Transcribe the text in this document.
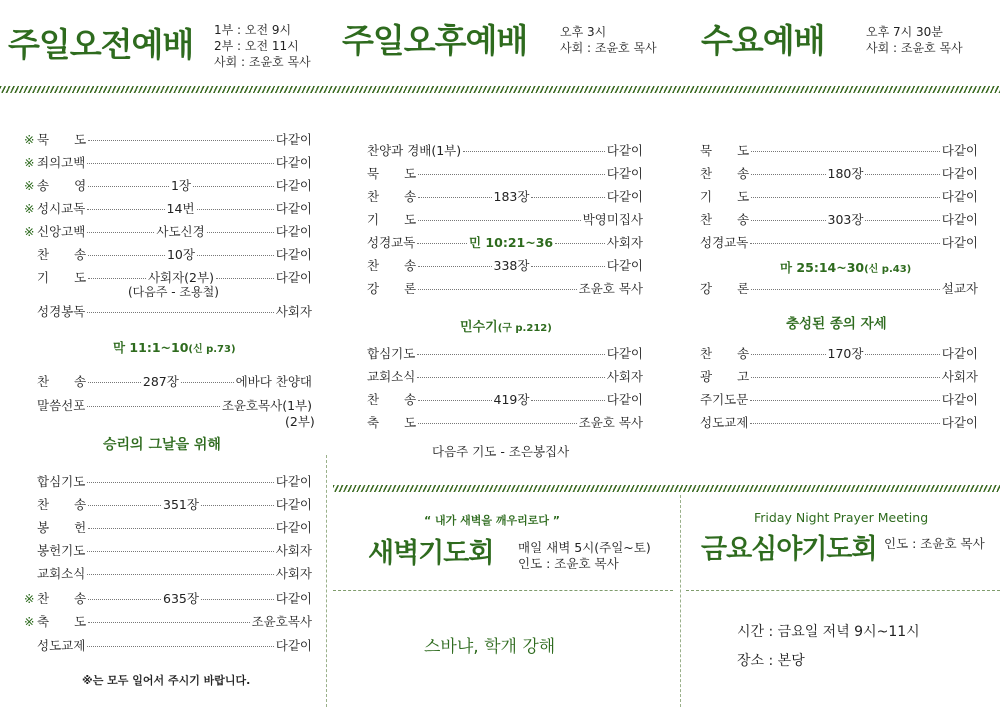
주일오전예배 1부 : 오전 9시
2부 : 오전 11시
사회 : 조윤호 목사
주일오후예배	오후 3시
사회 : 조윤호 목사 수요예배	오후 7시 30분
사회 : 조윤호 목사
※ 묵　　도	다같이
※ 죄의고백	다같이
※ 송　　영	1장	다같이
※ 성시교독	14번	다같이
※ 신앙고백	사도신경	다같이
찬　　송	10장	다같이
기　　도	사회자(2부)	다같이
(다음주 - 조용철)
성경봉독	사회자
막 11:1~10(신 p.73)
찬　　송	287장	에바다 찬양대
말씀선포	조윤호목사(1부)
(2부)
승리의 그날을 위해
합심기도	다같이
찬　　송	351장	다같이
봉　　헌	다같이
봉헌기도	사회자
교회소식	사회자
※ 찬　　송	635장	다같이
※ 축　　도	조윤호목사
성도교제	다같이
※는 모두 일어서 주시기 바랍니다.
찬양과 경배(1부)	다같이
묵　　도	다같이
찬　　송	183장	다같이
기　　도	박영미집사
성경교독	민 10:21~36	사회자
찬　　송	338장	다같이
강　　론	조윤호 목사
민수기(구 p.212)
합심기도	다같이
교회소식	사회자
찬　　송	419장	다같이
축　　도	조윤호 목사
다음주 기도 - 조은봉집사
묵　　도	다같이
찬　　송	180장	다같이
기　　도	다같이
찬　　송	303장	다같이
성경교독	다같이
마 25:14~30(신 p.43)
강　　론	설교자
충성된 종의 자세
찬　　송	170장	다같이
광　　고	사회자
주기도문	다같이
성도교제	다같이
“ 내가 새벽을 깨우리로다 ”
새벽기도회 매일 새벽 5시(주일~토)
인도 : 조윤호 목사
스바냐, 학개 강해
Friday Night Prayer Meeting
금요심야기도회 인도 : 조윤호 목사
시간 : 금요일 저녁 9시~11시
장소 : 본당
